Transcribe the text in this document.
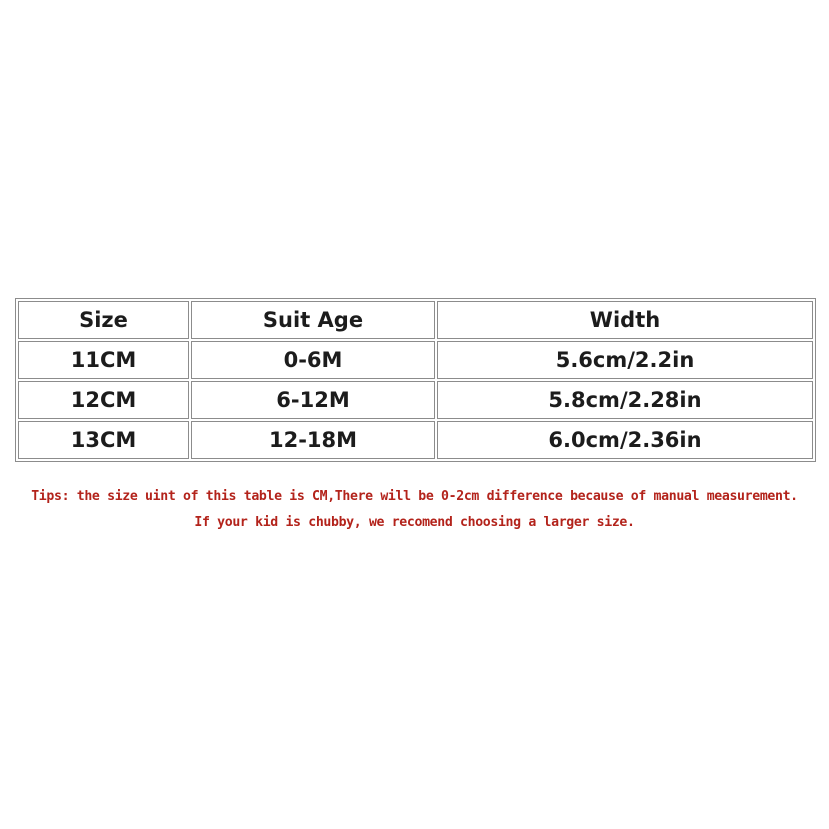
Size	Suit Age	Width
11CM	0-6M	5.6cm/2.2in
12CM	6-12M	5.8cm/2.28in
13CM	12-18M	6.0cm/2.36in
Tips: the size uint of this table is CM,There will be 0-2cm difference because of manual measurement.
If your kid is chubby, we recomend choosing a larger size.
